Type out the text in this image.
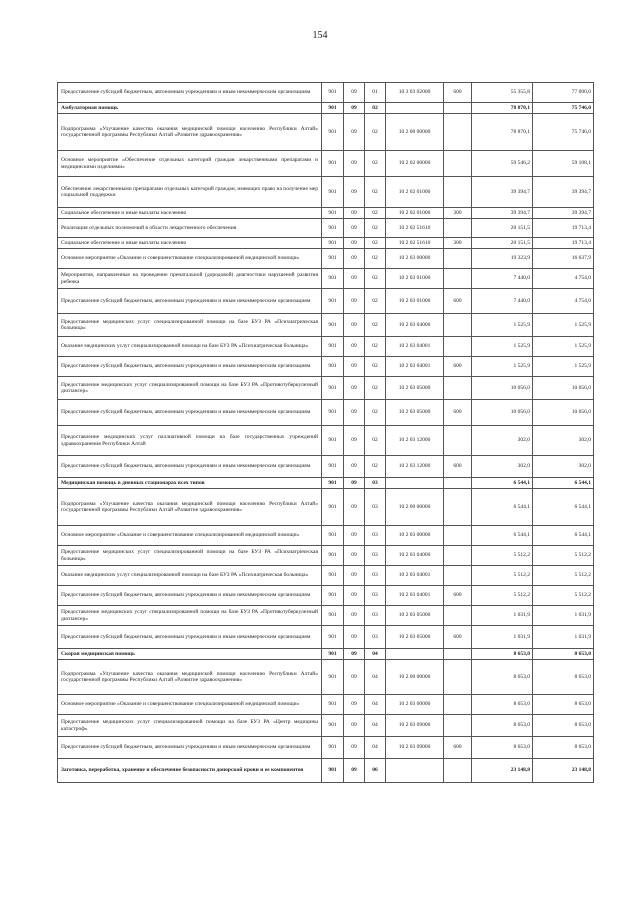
154
Предоставление субсидий бюджетным, автономным учреждениям и иным некоммерческим организациям	901	09	01	10 3 03 02000	600	55 355,8	77 000,0
Амбулаторная помощь	901	09	02			78 870,1	75 746,0
Подпрограмма «Улучшение качества оказания медицинской помощи населению Республики Алтай» государственной программы Республики Алтай «Развитие здравоохранения»	901	09	02	10 2 00 00000		78 870,1	75 746,0
Основное мероприятие «Обеспечение отдельных категорий граждан лекарственными препаратами и медицинскими изделиями»	901	09	02	10 2 02 00000		59 546,2	59 108,1
Обеспечение лекарственными препаратами отдельных категорий граждан, имеющих право на получение мер социальной поддержки	901	09	02	10 2 02 01000		39 394,7	39 394,7
Социальное обеспечение и иные выплаты населению	901	09	02	10 2 02 01000	300	39 394,7	39 394,7
Реализация отдельных полномочий в области лекарственного обеспечения	901	09	02	10 2 02 51610		20 151,5	19 713,4
Социальное обеспечение и иные выплаты населению	901	09	02	10 2 02 51610	300	20 151,5	19 713,4
Основное мероприятие «Оказание и совершенствование специализированной медицинской помощи»	901	09	02	10 2 03 00000		19 323,9	16 637,9
Мероприятия, направленные на проведение пренатальной (дородовой) диагностики нарушений развития ребенка	901	09	02	10 2 03 01000		7 440,0	4 754,0
Предоставление субсидий бюджетным, автономным учреждениям и иным некоммерческим организациям	901	09	02	10 2 03 01000	600	7 440,0	4 754,0
Предоставление медицинских услуг специализированной помощи на базе БУЗ РА «Психиатрическая больница»	901	09	02	10 2 03 04000		1 525,9	1 525,9
Оказание медицинских услуг специализированной помощи на базе БУЗ РА «Психиатрическая больница»	901	09	02	10 2 03 04001		1 525,9	1 525,9
Предоставление субсидий бюджетным, автономным учреждениям и иным некоммерческим организациям	901	09	02	10 2 03 04001	600	1 525,9	1 525,9
Предоставление медицинских услуг специализированной помощи на базе БУЗ РА «Противотуберкулезный диспансер»	901	09	02	10 2 03 05000		10 056,0	10 056,0
Предоставление субсидий бюджетным, автономным учреждениям и иным некоммерческим организациям	901	09	02	10 2 03 05000	600	10 056,0	10 056,0
Предоставление медицинских услуг паллиативной помощи на базе государственных учреждений здравоохранения Республики Алтай	901	09	02	10 2 03 12000		302,0	302,0
Предоставление субсидий бюджетным, автономным учреждениям и иным некоммерческим организациям	901	09	02	10 2 03 12000	600	302,0	302,0
Медицинская помощь в дневных стационарах всех типов	901	09	03			6 544,1	6 544,1
Подпрограмма «Улучшение качества оказания медицинской помощи населению Республики Алтай» государственной программы Республики Алтай «Развитие здравоохранения»	901	09	03	10 2 00 00000		6 544,1	6 544,1
Основное мероприятие «Оказание и совершенствование специализированной медицинской помощи»	901	09	03	10 2 03 00000		6 544,1	6 544,1
Предоставление медицинских услуг специализированной помощи на базе БУЗ РА «Психиатрическая больница»	901	09	03	10 2 03 04000		5 512,2	5 512,2
Оказание медицинских услуг специализированной помощи на базе БУЗ РА «Психиатрическая больница»	901	09	03	10 2 03 04001		5 512,2	5 512,2
Предоставление субсидий бюджетным, автономным учреждениям и иным некоммерческим организациям	901	09	03	10 2 03 04001	600	5 512,2	5 512,2
Предоставление медицинских услуг специализированной помощи на базе БУЗ РА «Противотуберкулезный диспансер»	901	09	03	10 2 03 05000		1 031,9	1 031,9
Предоставление субсидий бюджетным, автономным учреждениям и иным некоммерческим организациям	901	09	03	10 2 03 05000	600	1 031,9	1 031,9
Скорая медицинская помощь	901	09	04			8 653,0	8 653,0
Подпрограмма «Улучшение качества оказания медицинской помощи населению Республики Алтай» государственной программы Республики Алтай «Развитие здравоохранения»	901	09	04	10 2 00 00000		8 653,0	8 653,0
Основное мероприятие «Оказание и совершенствование специализированной медицинской помощи»	901	09	04	10 2 03 00000		8 653,0	8 653,0
Предоставление медицинских услуг специализированной помощи на базе БУЗ РА «Центр медицины катастроф»	901	09	04	10 2 03 09000		8 653,0	8 653,0
Предоставление субсидий бюджетным, автономным учреждениям и иным некоммерческим организациям	901	09	04	10 2 03 09000	600	8 653,0	8 653,0
Заготовка, переработка, хранение и обеспечение безопасности донорской крови и ее компонентов	901	09	06			23 148,8	23 148,8
